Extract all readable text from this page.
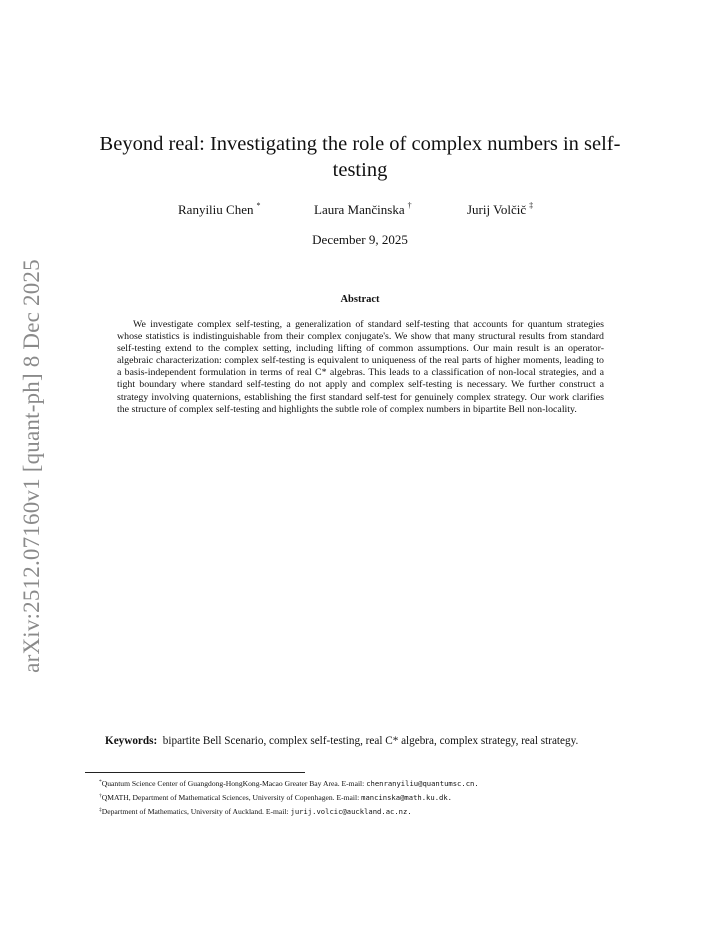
arXiv:2512.07160v1 [quant-ph] 8 Dec 2025
Beyond real: Investigating the role of complex numbers in self-testing
Ranyiliu Chen *	Laura Mančinska †	Jurij Volčič ‡
December 9, 2025
Abstract
We investigate complex self-testing, a generalization of standard self-testing that accounts for quantum strategies whose statistics is indistinguishable from their complex conjugate's. We show that many structural results from standard self-testing extend to the complex setting, including lifting of common assumptions. Our main result is an operator-algebraic characterization: complex self-testing is equivalent to uniqueness of the real parts of higher moments, leading to a basis-independent formulation in terms of real C* algebras. This leads to a classification of non-local strategies, and a tight boundary where standard self-testing do not apply and complex self-testing is necessary. We further construct a strategy involving quaternions, establishing the first standard self-test for genuinely complex strategy. Our work clarifies the structure of complex self-testing and highlights the subtle role of complex numbers in bipartite Bell non-locality.
Keywords: bipartite Bell Scenario, complex self-testing, real C* algebra, complex strategy, real strategy.
*Quantum Science Center of Guangdong-HongKong-Macao Greater Bay Area. E-mail: chenranyiliu@quantumsc.cn.
†QMATH, Department of Mathematical Sciences, University of Copenhagen. E-mail: mancinska@math.ku.dk.
‡Department of Mathematics, University of Auckland. E-mail: jurij.volcic@auckland.ac.nz.
